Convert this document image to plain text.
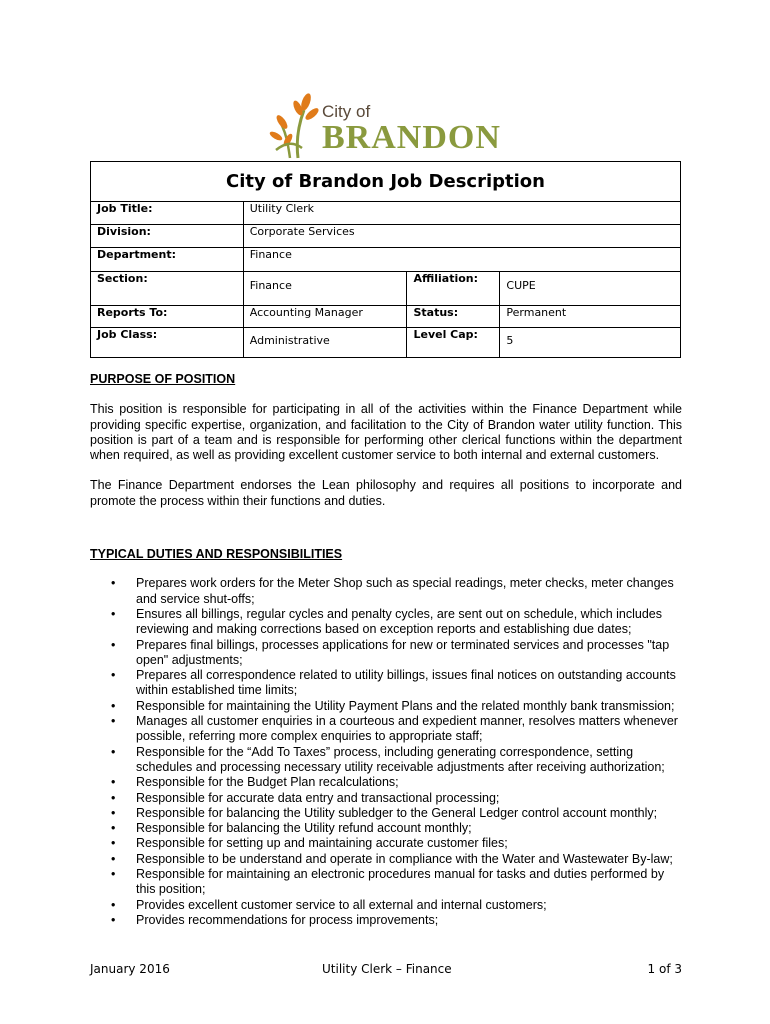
City of
BRANDON
City of Brandon Job Description			
Job Title:	Utility Clerk		
Division:	Corporate Services		
Department:	Finance		
Section:	Finance	Affiliation:	CUPE
Reports To:	Accounting Manager	Status:	Permanent
Job Class:	Administrative	Level Cap:	5

PURPOSE OF POSITION

This position is responsible for participating in all of the activities within the Finance Department while providing specific expertise, organization, and facilitation to the City of Brandon water utility function. This position is part of a team and is responsible for performing other clerical functions within the department when required, as well as providing excellent customer service to both internal and external customers.

The Finance Department endorses the Lean philosophy and requires all positions to incorporate and promote the process within their functions and duties.

TYPICAL DUTIES AND RESPONSIBILITIES

• Prepares work orders for the Meter Shop such as special readings, meter checks, meter changes and service shut-offs;
• Ensures all billings, regular cycles and penalty cycles, are sent out on schedule, which includes reviewing and making corrections based on exception reports and establishing due dates;
• Prepares final billings, processes applications for new or terminated services and processes "tap open" adjustments;
• Prepares all correspondence related to utility billings, issues final notices on outstanding accounts within established time limits;
• Responsible for maintaining the Utility Payment Plans and the related monthly bank transmission;
• Manages all customer enquiries in a courteous and expedient manner, resolves matters whenever possible, referring more complex enquiries to appropriate staff;
• Responsible for the “Add To Taxes” process, including generating correspondence, setting schedules and processing necessary utility receivable adjustments after receiving authorization;
• Responsible for the Budget Plan recalculations;
• Responsible for accurate data entry and transactional processing;
• Responsible for balancing the Utility subledger to the General Ledger control account monthly;
• Responsible for balancing the Utility refund account monthly;
• Responsible for setting up and maintaining accurate customer files;
• Responsible to be understand and operate in compliance with the Water and Wastewater By-law;
• Responsible for maintaining an electronic procedures manual for tasks and duties performed by this position;
• Provides excellent customer service to all external and internal customers;
• Provides recommendations for process improvements;
January 2016	Utility Clerk – Finance	1 of 3
